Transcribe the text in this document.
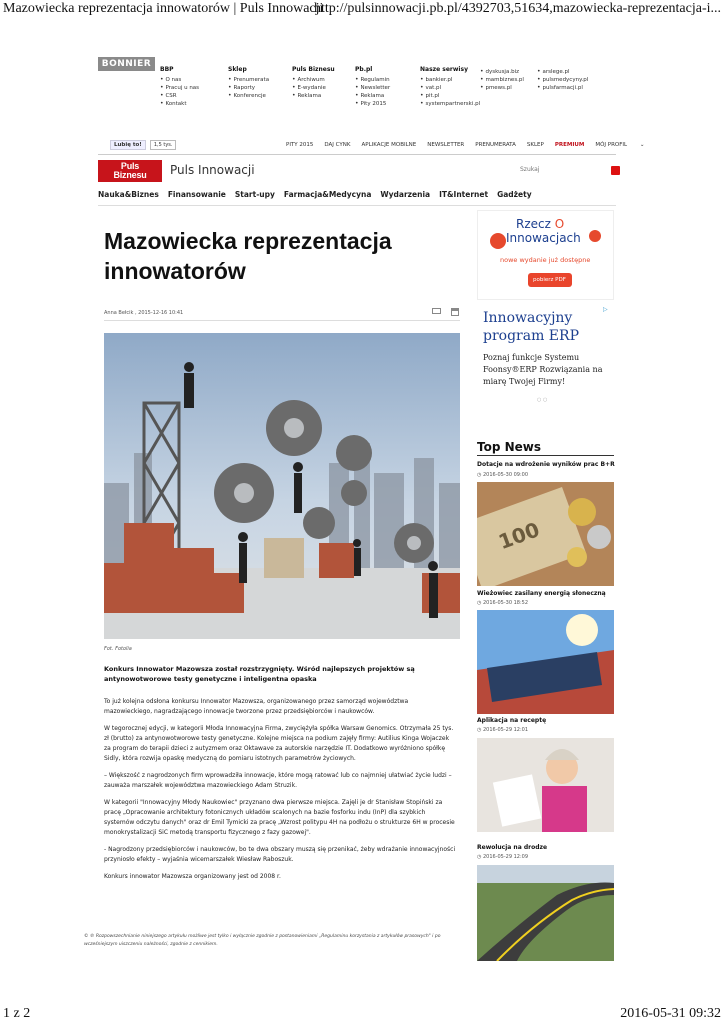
Mazowiecka reprezentacja innowatorów | Puls Innowacji
http://pulsinnowacji.pb.pl/4392703,51634,mazowiecka-reprezentacja-i...
1 z 2	2016-05-31 09:32
BONNIER
BBP
• O nas
• Pracuj u nas
• CSR
• Kontakt
Sklep
• Prenumerata
• Raporty
• Konferencje
Puls Biznesu
• Archiwum
• E-wydanie
• Reklama
Pb.pl
• Regulamin
• Newsletter
• Reklama
• Pity 2015
Nasze serwisy
• bankier.pl
• vat.pl
• pit.pl
• systempartnerski.pl
• dyskusja.biz
• mambiznes.pl
• pmews.pl
• arslege.pl
• pulsmedycyny.pl
• pulsfarmacji.pl
Lubię to!	1,5 tys.	PITY 2015 DAJ CYNK APLIKACJE MOBILNE NEWSLETTER PRENUMERATA SKLEP PREMIUM MÓJ PROFIL ⌄
Puls
Biznesu	Puls Innowacji	Szukaj
Nauka&Biznes Finansowanie Start-upy Farmacja&Medycyna Wydarzenia IT&Internet Gadżety
Mazowiecka reprezentacja innowatorów
Anna Bełcik , 2015-12-16 10:41
Fot. Fotolia
Konkurs Innowator Mazowsza został rozstrzygnięty. Wśród najlepszych projektów są antynowotworowe testy genetyczne i inteligentna opaska

To już kolejna odsłona konkursu Innowator Mazowsza, organizowanego przez samorząd województwa mazowieckiego, nagradzającego innowacje tworzone przez przedsiębiorców i naukowców.

W tegorocznej edycji, w kategorii Młoda Innowacyjna Firma, zwyciężyła spółka Warsaw Genomics. Otrzymała 25 tys. zł (brutto) za antynowotworowe testy genetyczne. Kolejne miejsca na podium zajęły firmy: Autilius Kinga Wojaczek za program do terapii dzieci z autyzmem oraz Oktawave za autorskie narzędzie IT. Dodatkowo wyróżniono spółkę Sidly, która rozwija opaskę medyczną do pomiaru istotnych parametrów życiowych.

– Większość z nagrodzonych firm wprowadziła innowacje, które mogą ratować lub co najmniej ułatwiać życie ludzi – zauważa marszałek województwa mazowieckiego Adam Struzik.

W kategorii "Innowacyjny Młody Naukowiec" przyznano dwa pierwsze miejsca. Zajęli je dr Stanisław Stopiński za pracę „Opracowanie architektury fotonicznych układów scalonych na bazie fosforku indu (InP) dla szybkich systemów odczytu danych" oraz dr Emil Tymicki za pracę „Wzrost politypu 4H na podłożu o strukturze 6H w procesie monokrystalizacji SiC metodą transportu fizycznego z fazy gazowej".

- Nagrodzony przedsiębiorców i naukowców, bo te dwa obszary muszą się przenikać, żeby wdrażanie innowacyjności przyniosło efekty – wyjaśnia wicemarszałek Wiesław Raboszuk.

Konkurs innowator Mazowsza organizowany jest od 2008 r.

© ℗ Rozpowszechnianie niniejszego artykułu możliwe jest tylko i wyłącznie zgodnie z postanowieniami „Regulaminu korzystania z artykułów prasowych" i po wcześniejszym uiszczeniu należności, zgodnie z cennikiem.
Rzecz O
Innowacjach
nowe wydanie już dostępne
pobierz PDF
Innowacyjny
program ERP
Poznaj funkcje Systemu Foonsy®ERP Rozwiązania na miarę Twojej Firmy!
▷
○ ○
Top News
Dotacje na wdrożenie wyników prac B+R
◷ 2016-05-30 09:00
100
Wieżowiec zasilany energią słoneczną
◷ 2016-05-30 18:52
Aplikacja na receptę
◷ 2016-05-29 12:01
Rewolucja na drodze
◷ 2016-05-29 12:09
